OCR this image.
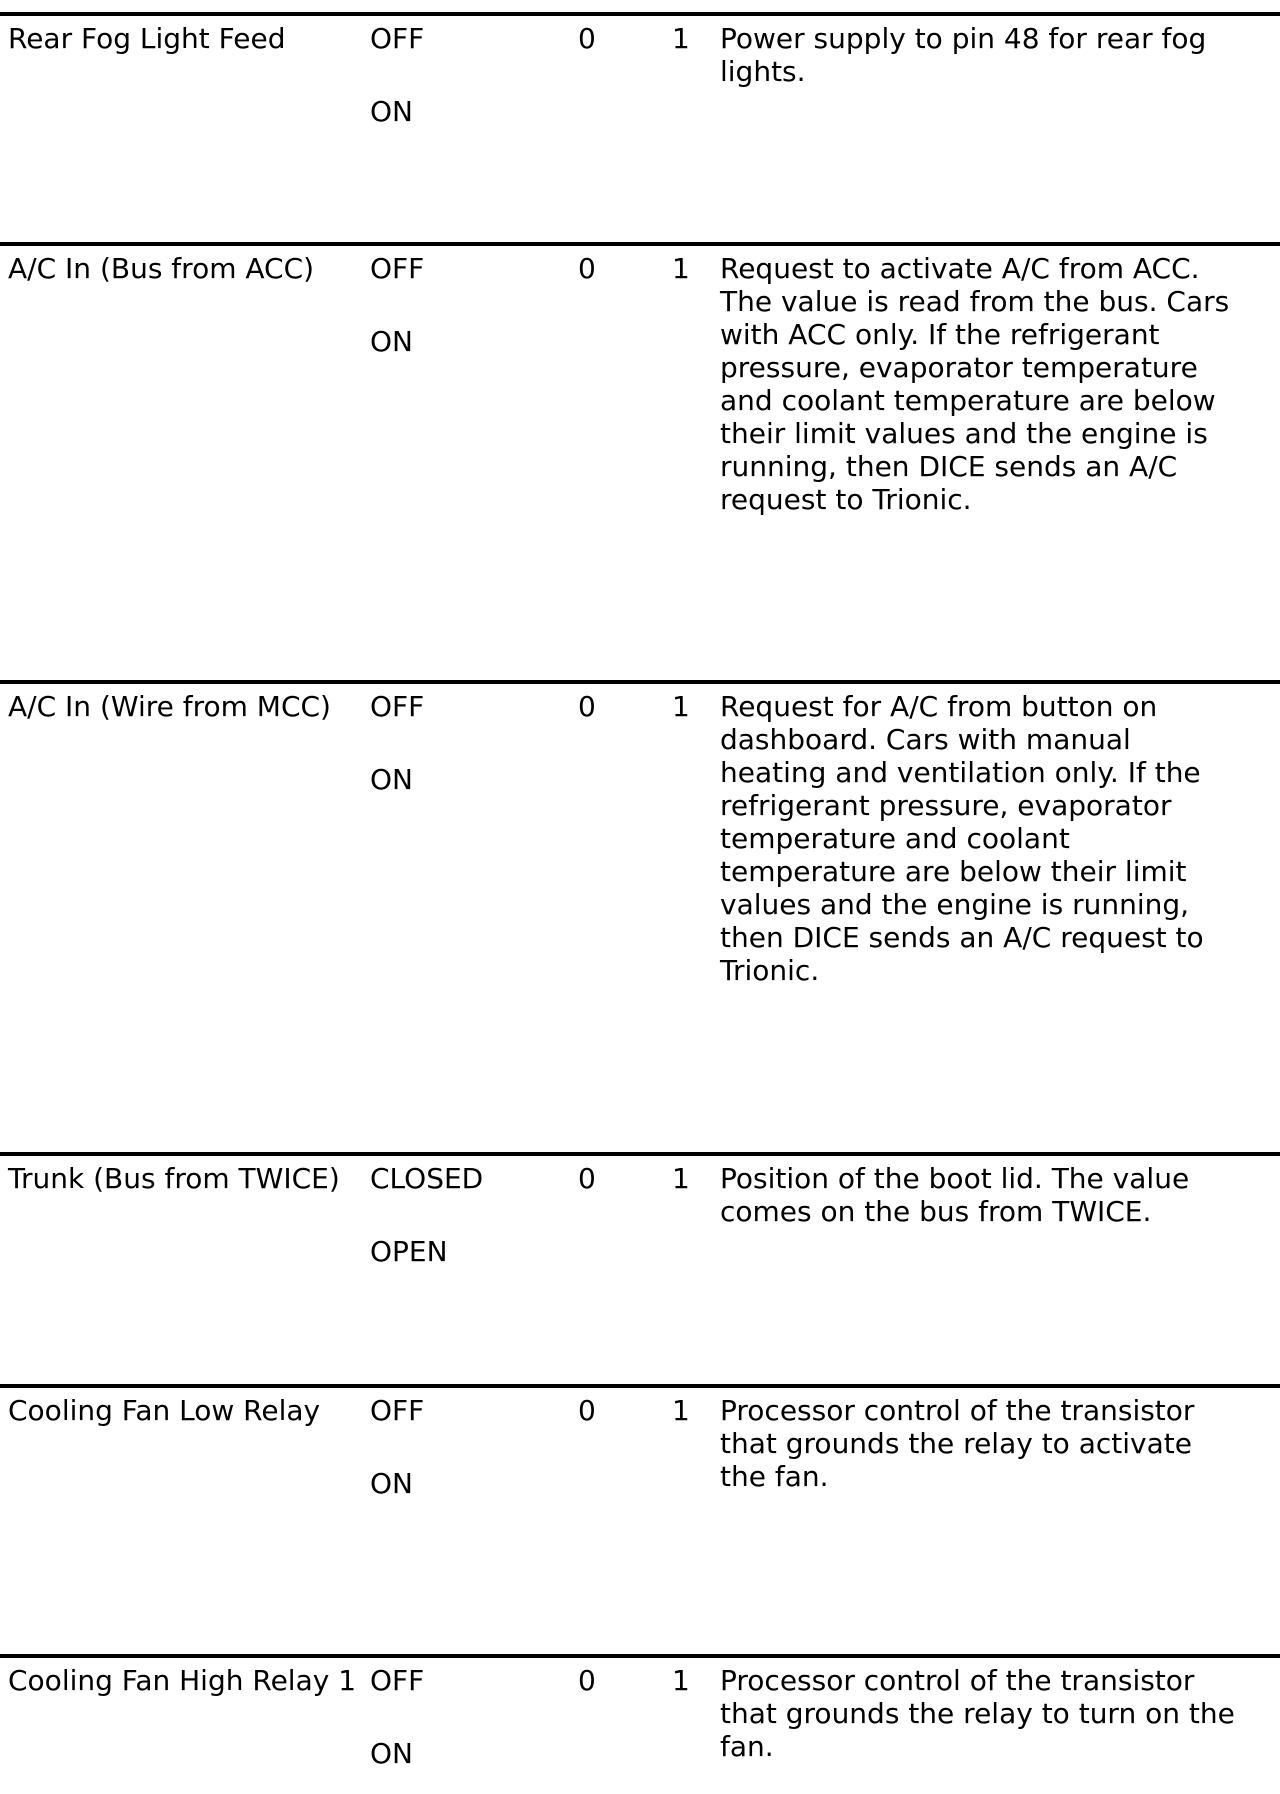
Rear Fog Light Feed	OFF
ON
0	1	Power supply to pin 48 for rear fog lights.
A/C In (Bus from ACC)	OFF
ON
0	1	Request to activate A/C from ACC. The value is read from the bus. Cars with ACC only. If the refrigerant pressure, evaporator temperature and coolant temperature are below their limit values and the engine is running, then DICE sends an A/C request to Trionic.
A/C In (Wire from MCC)	OFF
ON
0	1	Request for A/C from button on dashboard. Cars with manual heating and ventilation only. If the refrigerant pressure, evaporator temperature and coolant temperature are below their limit values and the engine is running, then DICE sends an A/C request to Trionic.
Trunk (Bus from TWICE)	CLOSED
OPEN
0	1	Position of the boot lid. The value comes on the bus from TWICE.
Cooling Fan Low Relay	OFF
ON
0	1	Processor control of the transistor that grounds the relay to activate the fan.
Cooling Fan High Relay 1 OFF
ON
0	1	Processor control of the transistor that grounds the relay to turn on the fan.
